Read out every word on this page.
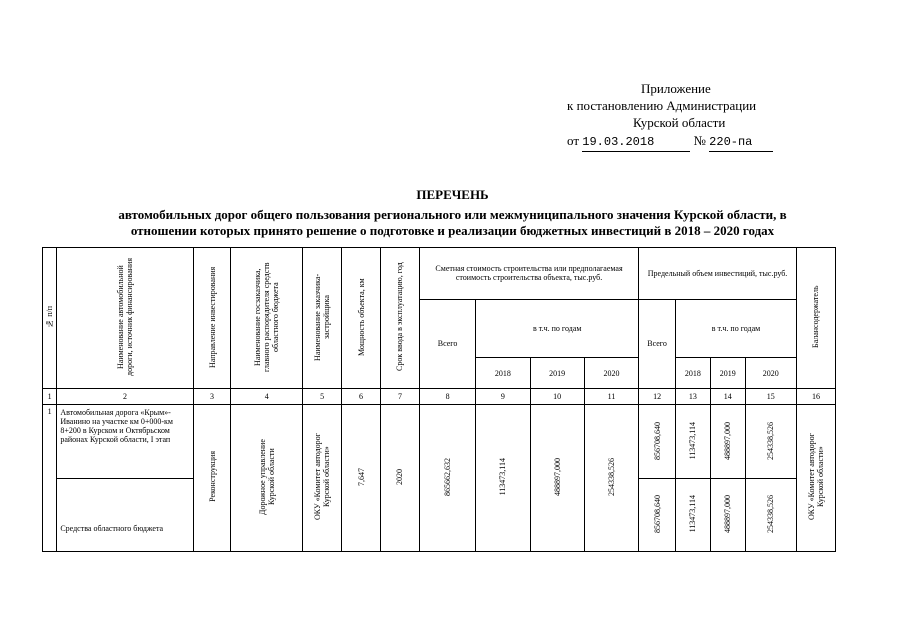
Приложение
к постановлению Администрации
Курской области
от 19.03.2018	№ 220-па
ПЕРЕЧЕНЬ
автомобильных дорог общего пользования регионального или межмуниципального значения Курской области, в
отношении которых принято решение о подготовке и реализации бюджетных инвестиций в 2018 – 2020 годах
№ п/п	Наименование автомобильной дороги, источник финансирования	Направление инвестирования	Наименование госзаказчика, главного распорядителя средств областного бюджета	Наименование заказчика-застройщика	Мощность объекта, км	Срок ввода в эксплуатацию, год	Сметная стоимость строительства или предполагаемая стоимость строительства объекта, тыс.руб.				Предельный объем инвестиций, тыс.руб.				Балансодержатель
							Всего	в т.ч. по годам			Всего	в т.ч. по годам			
								2018	2019	2020		2018	2019	2020	
1	2	3	4	5	6	7	8	9	10	11	12	13	14	15	16
1	Автомобильная дорога «Крым»-Иванино на участке км 0+000-км 8+200 в Курском и Октябрьском районах Курской области, I этап	Реконструкция	Дорожное управление Курской области	ОКУ «Комитет автодорог Курской области»	7,647	2020	865662,632	113473,114	488897,000	254338,526	856708,640	113473,114	488897,000	254338,526	ОКУ «Комитет автодорог Курской области»
	Средства областного бюджета										856708,640	113473,114	488897,000	254338,526	
